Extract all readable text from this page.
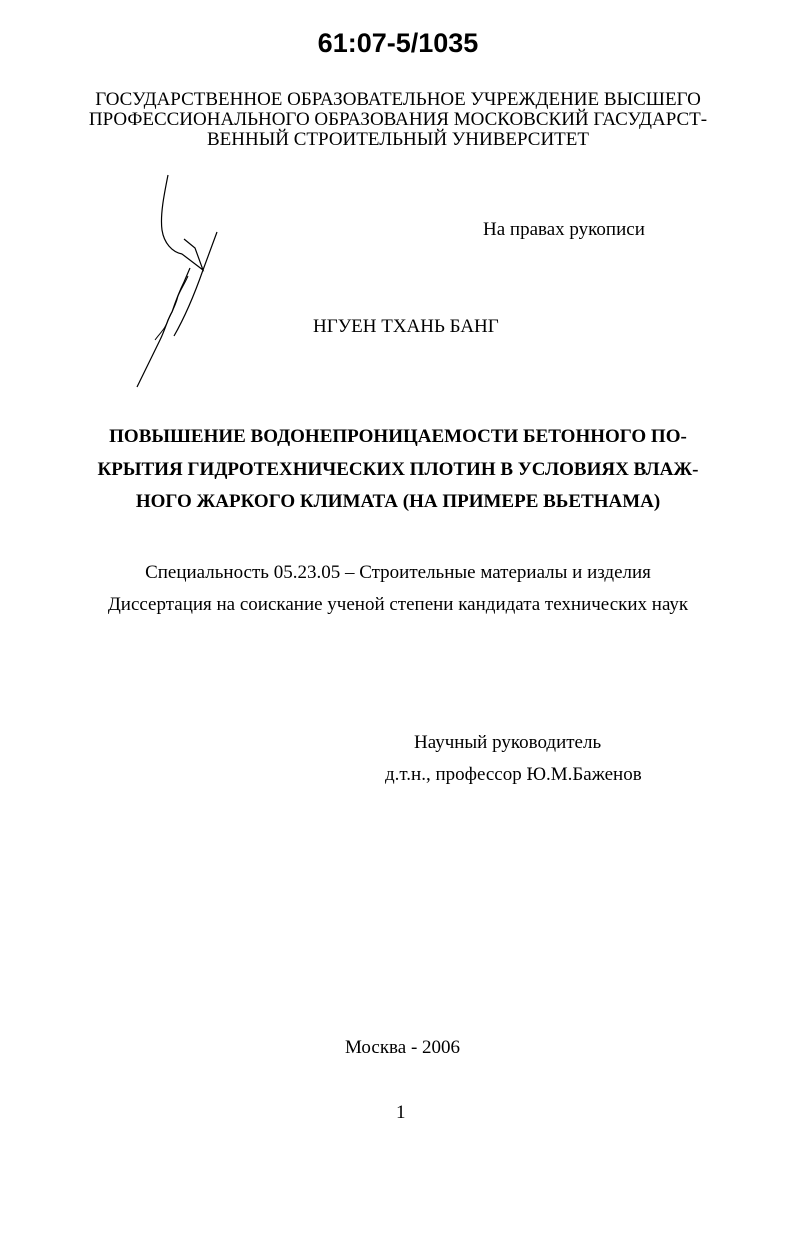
61:07-5/1035
ГОСУДАРСТВЕННОЕ ОБРАЗОВАТЕЛЬНОЕ УЧРЕЖДЕНИЕ ВЫСШЕГО
ПРОФЕССИОНАЛЬНОГО ОБРАЗОВАНИЯ МОСКОВСКИЙ ГАСУДАРСТ-
ВЕННЫЙ СТРОИТЕЛЬНЫЙ УНИВЕРСИТЕТ
На правах рукописи
НГУЕН ТХАНЬ БАНГ
ПОВЫШЕНИЕ ВОДОНЕПРОНИЦАЕМОСТИ БЕТОННОГО ПО-
КРЫТИЯ ГИДРОТЕХНИЧЕСКИХ ПЛОТИН В УСЛОВИЯХ ВЛАЖ-
НОГО ЖАРКОГО КЛИМАТА (НА ПРИМЕРЕ ВЬЕТНАМА)
Специальность 05.23.05 – Строительные материалы и изделия
Диссертация на соискание ученой степени кандидата технических наук
Научный руководитель
д.т.н., профессор Ю.М.Баженов
Москва - 2006
1
